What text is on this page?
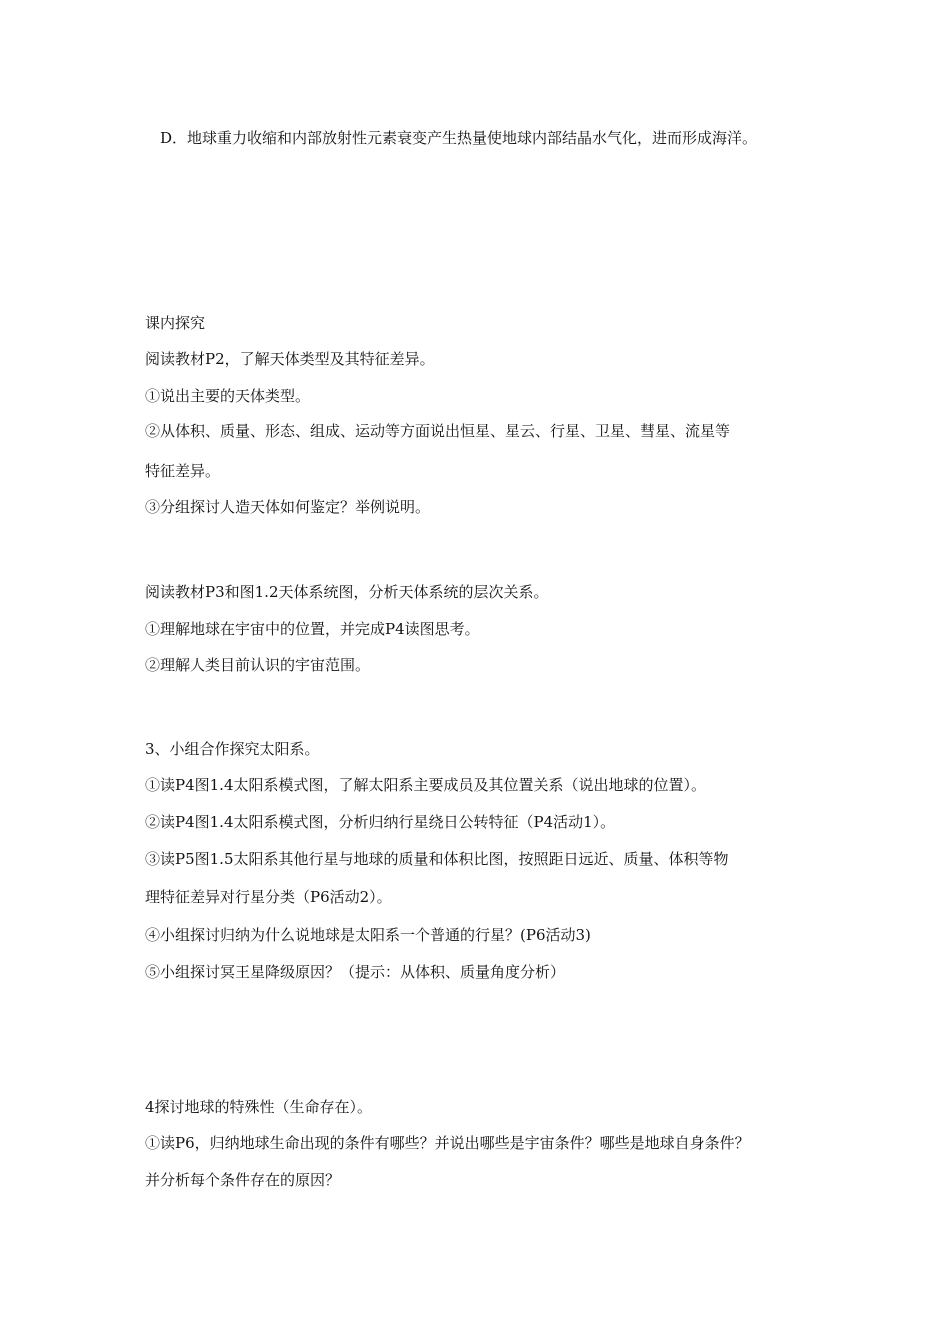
D．地球重力收缩和内部放射性元素衰变产生热量使地球内部结晶水气化，进而形成海洋。
课内探究
阅读教材P2，了解天体类型及其特征差异。
①说出主要的天体类型。
②从体积、质量、形态、组成、运动等方面说出恒星、星云、行星、卫星、彗星、流星等
特征差异。
③分组探讨人造天体如何鉴定？举例说明。
阅读教材P3和图1.2天体系统图，分析天体系统的层次关系。
①理解地球在宇宙中的位置，并完成P4读图思考。
②理解人类目前认识的宇宙范围。
3、小组合作探究太阳系。
①读P4图1.4太阳系模式图，了解太阳系主要成员及其位置关系（说出地球的位置）。
②读P4图1.4太阳系模式图，分析归纳行星绕日公转特征（P4活动1）。
③读P5图1.5太阳系其他行星与地球的质量和体积比图，按照距日远近、质量、体积等物
理特征差异对行星分类（P6活动2）。
④小组探讨归纳为什么说地球是太阳系一个普通的行星？(P6活动3)
⑤小组探讨冥王星降级原因？（提示：从体积、质量角度分析）
4探讨地球的特殊性（生命存在）。
①读P6，归纳地球生命出现的条件有哪些？并说出哪些是宇宙条件？哪些是地球自身条件？
并分析每个条件存在的原因？
